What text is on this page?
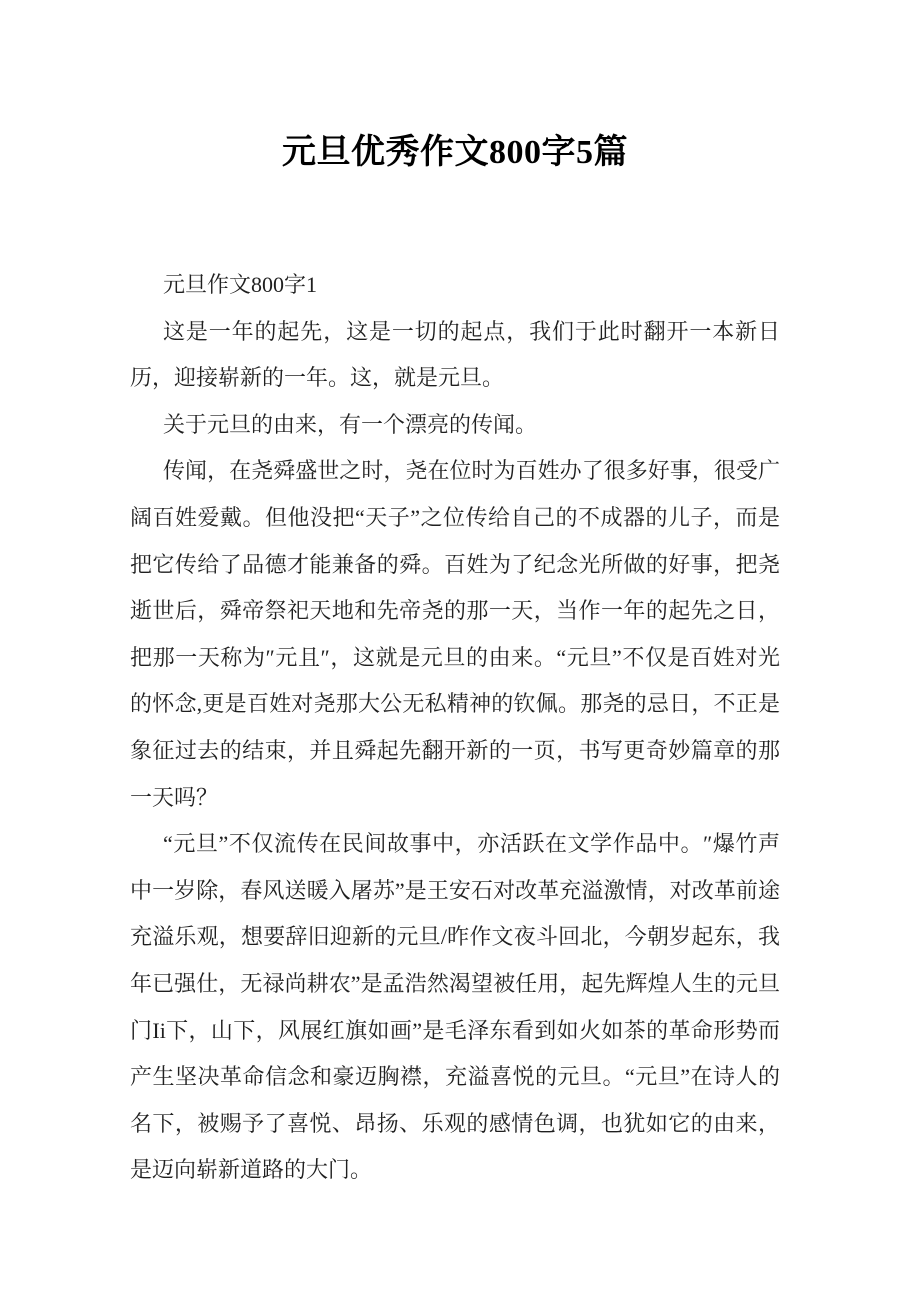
元旦优秀作文800字5篇

元旦作文800字1

这是一年的起先，这是一切的起点，我们于此时翻开一本新日历，迎接崭新的一年。这，就是元旦。

关于元旦的由来，有一个漂亮的传闻。

传闻，在尧舜盛世之时，尧在位时为百姓办了很多好事，很受广阔百姓爱戴。但他没把“天子”之位传给自己的不成器的儿子，而是把它传给了品德才能兼备的舜。百姓为了纪念光所做的好事，把尧逝世后，舜帝祭祀天地和先帝尧的那一天，当作一年的起先之日，把那一天称为″元且″，这就是元旦的由来。“元旦”不仅是百姓对光的怀念,更是百姓对尧那大公无私精神的钦佩。那尧的忌日，不正是象征过去的结束，并且舜起先翻开新的一页，书写更奇妙篇章的那一天吗？

“元旦”不仅流传在民间故事中，亦活跃在文学作品中。″爆竹声中一岁除，春风送暖入屠苏”是王安石对改革充溢激情，对改革前途充溢乐观，想要辞旧迎新的元旦/昨作文夜斗回北，今朝岁起东，我年已强仕，无禄尚耕农”是孟浩然渴望被任用，起先辉煌人生的元旦门Ii下，山下，风展红旗如画”是毛泽东看到如火如茶的革命形势而产生坚决革命信念和豪迈胸襟，充溢喜悦的元旦。“元旦”在诗人的名下，被赐予了喜悦、昂扬、乐观的感情色调，也犹如它的由来，是迈向崭新道路的大门。
